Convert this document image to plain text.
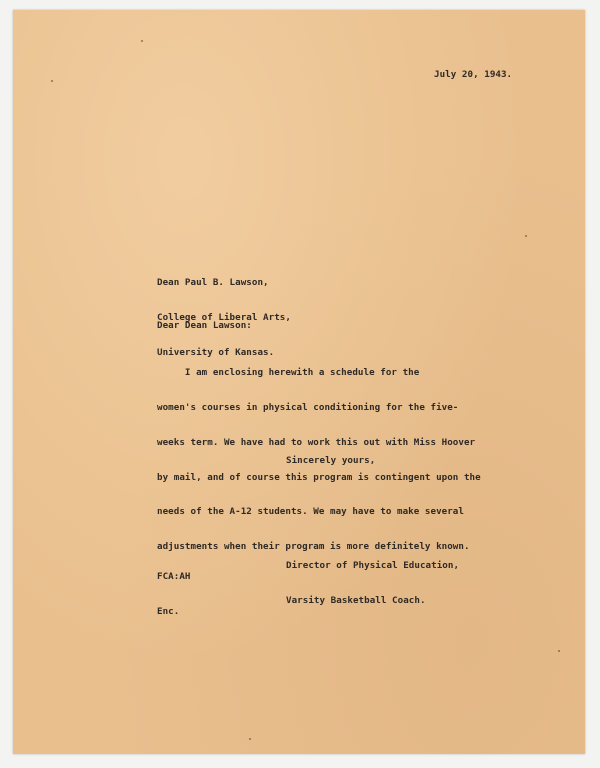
July 20, 1943.

Dean Paul B. Lawson,

College of Liberal Arts,

University of Kansas.

Dear Dean Lawson:

I am enclosing herewith a schedule for the

women's courses in physical conditioning for the five-

weeks term. We have had to work this out with Miss Hoover

by mail, and of course this program is contingent upon the

needs of the A-12 students. We may have to make several

adjustments when their program is more definitely known.

Sincerely yours,

Director of Physical Education,

Varsity Basketball Coach.

FCA:AH

Enc.
